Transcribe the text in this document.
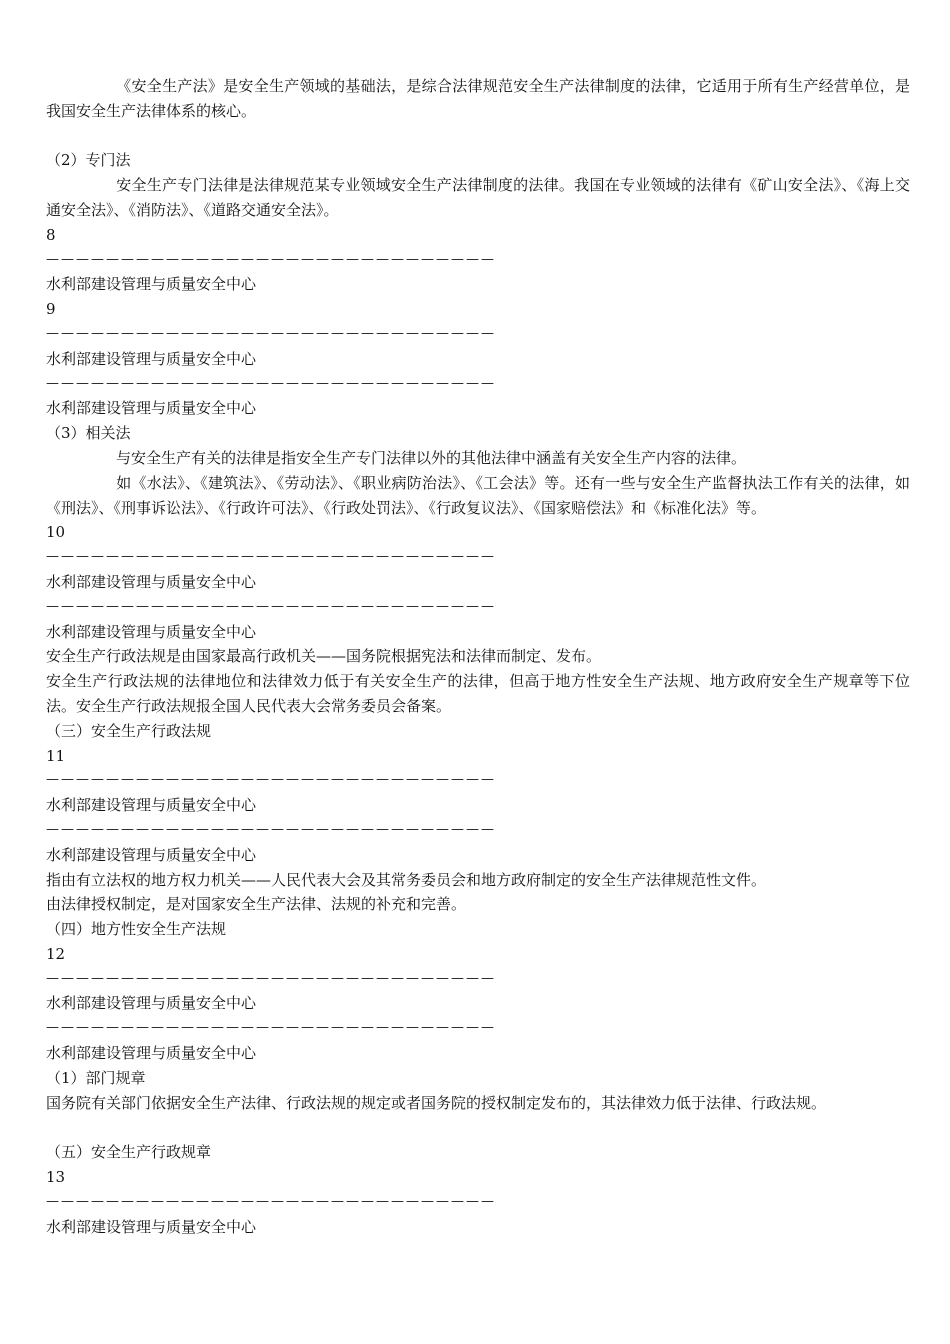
《安全生产法》是安全生产领域的基础法，是综合法律规范安全生产法律制度的法律，它适用于所有生产经营单位，是我国安全生产法律体系的核心。
（2）专门法
安全生产专门法律是法律规范某专业领域安全生产法律制度的法律。我国在专业领域的法律有《矿山安全法》、《海上交通安全法》、《消防法》、《道路交通安全法》。
8
——————————————————————————————
水利部建设管理与质量安全中心
9
——————————————————————————————
水利部建设管理与质量安全中心
——————————————————————————————
水利部建设管理与质量安全中心
（3）相关法
与安全生产有关的法律是指安全生产专门法律以外的其他法律中涵盖有关安全生产内容的法律。
如《水法》、《建筑法》、《劳动法》、《职业病防治法》、《工会法》等。还有一些与安全生产监督执法工作有关的法律，如《刑法》、《刑事诉讼法》、《行政许可法》、《行政处罚法》、《行政复议法》、《国家赔偿法》和《标准化法》等。
10
——————————————————————————————
水利部建设管理与质量安全中心
——————————————————————————————
水利部建设管理与质量安全中心
安全生产行政法规是由国家最高行政机关——国务院根据宪法和法律而制定、发布。
安全生产行政法规的法律地位和法律效力低于有关安全生产的法律，但高于地方性安全生产法规、地方政府安全生产规章等下位法。安全生产行政法规报全国人民代表大会常务委员会备案。
（三）安全生产行政法规
11
——————————————————————————————
水利部建设管理与质量安全中心
——————————————————————————————
水利部建设管理与质量安全中心
指由有立法权的地方权力机关——人民代表大会及其常务委员会和地方政府制定的安全生产法律规范性文件。
由法律授权制定，是对国家安全生产法律、法规的补充和完善。
（四）地方性安全生产法规
12
——————————————————————————————
水利部建设管理与质量安全中心
——————————————————————————————
水利部建设管理与质量安全中心
（1）部门规章
国务院有关部门依据安全生产法律、行政法规的规定或者国务院的授权制定发布的，其法律效力低于法律、行政法规。
（五）安全生产行政规章
13
——————————————————————————————
水利部建设管理与质量安全中心
